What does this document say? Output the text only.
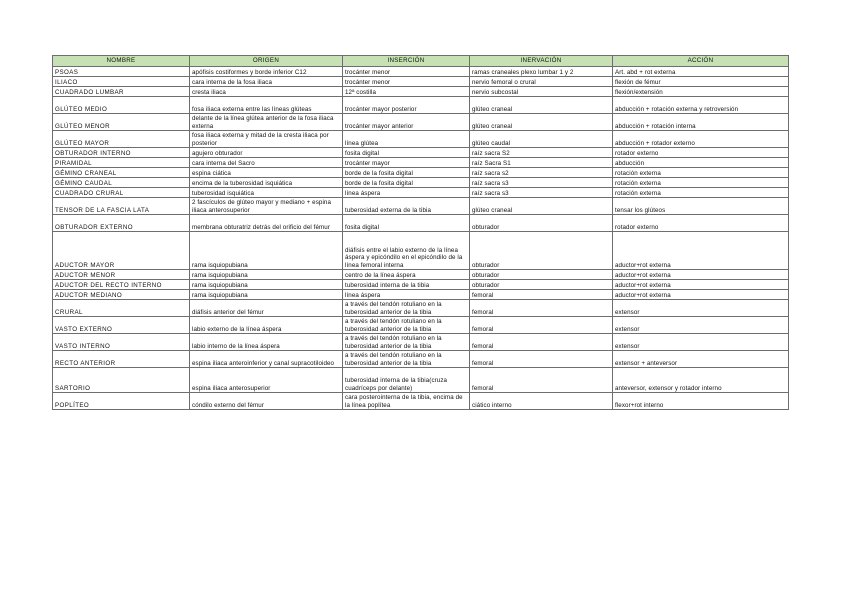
NOMBRE	ORIGEN	INSERCIÓN	INERVACIÓN	ACCIÓN
PSOAS	apófisis costiformes y borde inferior C12	trocánter menor	ramas craneales plexo lumbar 1 y 2	Art. abd + rot externa
ILIACO	cara interna de la fosa iliaca	trocánter menor	nervio femoral o crural	flexión de fémur
CUADRADO LUMBAR	cresta iliaca	12ª costilla	nervio subcostal	flexión/extensión
GLÚTEO MEDIO	fosa iliaca externa entre las líneas glúteas	trocánter mayor posterior	glúteo craneal	abducción + rotación externa y retroversión
GLÚTEO MENOR	delante de la línea glútea anterior de la fosa iliaca externa	trocánter mayor anterior	glúteo craneal	abducción + rotación interna
GLÚTEO MAYOR	fosa iliaca externa y mitad de la cresta iliaca por posterior	línea glútea	glúteo caudal	abducción + rotador externo
OBTURADOR INTERNO	agujero obturador	fosita digital	raíz sacra S2	rotador externo
PIRAMIDAL	cara interna del Sacro	trocánter mayor	raíz Sacra S1	abducción
GÉMINO CRANEAL	espina ciática	borde de la fosita digital	raíz sacra s2	rotación externa
GÉMINO CAUDAL	encima de la tuberosidad isquiática	borde de la fosita digital	raíz sacra s3	rotación externa
CUADRADO CRURAL	tuberosidad isquiática	línea áspera	raíz sacra s3	rotación externa
TENSOR DE LA FASCIA LATA	2 fascículos de glúteo mayor y mediano + espina iliaca anterosuperior	tuberosidad externa de la tibia	glúteo craneal	tensar los glúteos
OBTURADOR EXTERNO	membrana obturatriz detrás del orificio del fémur	fosita digital	obturador	rotador externo
ADUCTOR MAYOR	rama isquiopubiana	diáfisis entre el labio externo de la línea áspera y epicóndilo en el epicóndilo de la línea femoral interna	obturador	aductor+rot externa
ADUCTOR MENOR	rama isquiopubiana	centro de la línea áspera	obturador	aductor+rot externa
ADUCTOR DEL RECTO INTERNO	rama isquiopubiana	tuberosidad interna de la tibia	obturador	aductor+rot externa
ADUCTOR MEDIANO	rama isquiopubiana	línea áspera	femoral	aductor+rot externa
CRURAL	diáfisis anterior del fémur	a través del tendón rotuliano en la tuberosidad anterior de la tibia	femoral	extensor
VASTO EXTERNO	labio externo de la línea áspera	a través del tendón rotuliano en la tuberosidad anterior de la tibia	femoral	extensor
VASTO INTERNO	labio interno de la línea áspera	a través del tendón rotuliano en la tuberosidad anterior de la tibia	femoral	extensor
RECTO ANTERIOR	espina iliaca anteroinferior y canal supracotiloideo	a través del tendón rotuliano en la tuberosidad anterior de la tibia	femoral	extensor + anteversor
SARTORIO	espina iliaca anterosuperior	tuberosidad interna de la tibia(cruza cuadríceps por delante)	femoral	anteversor, extensor y rotador interno
POPLÍTEO	cóndilo externo del fémur	cara posterointerna de la tibia, encima de la línea poplítea	ciático interno	flexor+rot interno
